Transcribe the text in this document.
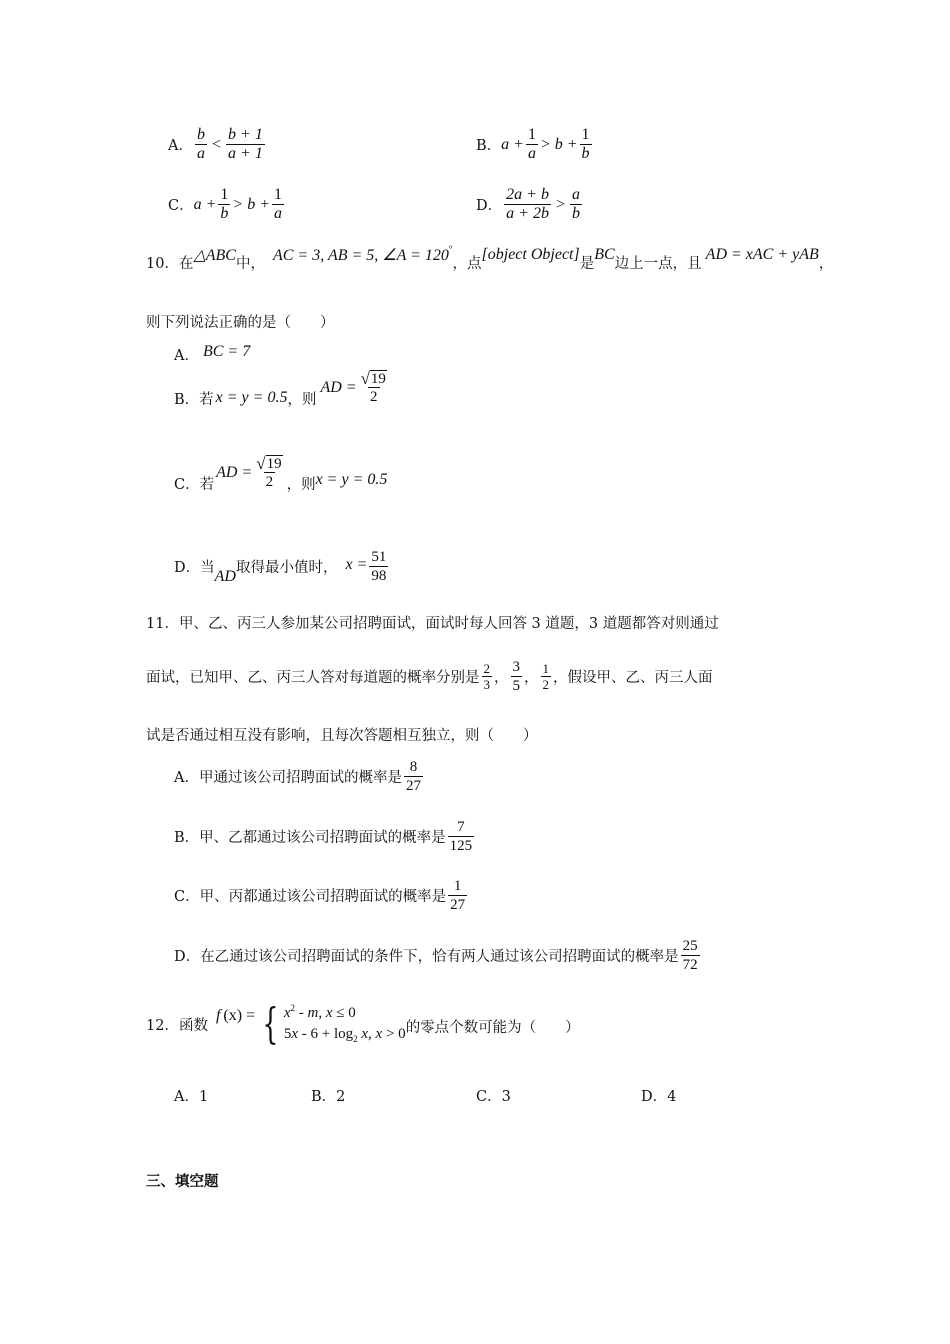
A． $\frac{b}{a} < \frac{b + 1}{a + 1}$	B． $a + \frac{1}{a} > b + \frac{1}{b}$
C． $a + \frac{1}{b} > b + \frac{1}{a}$	D． $\frac{2a + b}{a + 2b} > \frac{a}{b}$
10．在
△ABC
中，
AC = 3, AB = 5, ∠A = 120 °
，点
[object Object]
是
BC
边上一点，且
AD = xAC + yAB
，
则下列说法正确的是（　　）
A． BC = 7
B．若 x = y = 0.5 ，则
AD = $\frac{√ 19}{2}$
C．若
AD = $\frac{√ 19}{2}$ ，则 x = y = 0.5
D．当 AD 取得最小值时， $x = \frac{51}{98}$
11．甲、乙、丙三人参加某公司招聘面试，面试时每人回答 3 道题，3 道题都答对则通过
面试，已知甲、乙、丙三人答对每道题的概率分别是 $\frac{2}{3}$ ， $\frac{3}{5}$ ， $\frac{1}{2}$ ，假设甲、乙、丙三人面
试是否通过相互没有影响，且每次答题相互独立，则（　　）
A．甲通过该公司招聘面试的概率是 $\frac{8}{27}$
B．甲、乙都通过该公司招聘面试的概率是 $\frac{7}{125}$
C．甲、丙都通过该公司招聘面试的概率是 $\frac{1}{27}$
D．在乙通过该公司招聘面试的条件下，恰有两人通过该公司招聘面试的概率是 $\frac{25}{72}$
12．函数
f (x) = { $x^2$ - m, x ≤ 0
$5x - 6 + \log_2 x$, x > 0 的零点个数可能为（　　）
A．1	B．2	C．3	D．4
三、填空题
